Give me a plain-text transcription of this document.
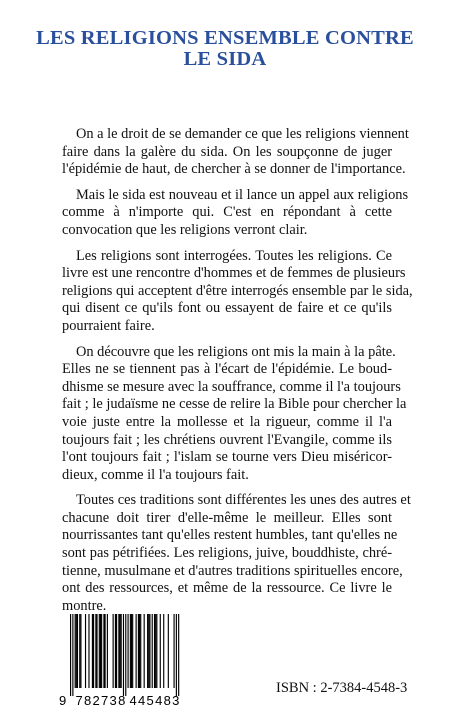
LES RELIGIONS ENSEMBLE CONTRE
LE SIDA
On a le droit de se demander ce que les religions viennent
faire dans la galère du sida. On les soupçonne de juger
l'épidémie de haut, de chercher à se donner de l'importance.
Mais le sida est nouveau et il lance un appel aux religions
comme à n'importe qui. C'est en répondant à cette
convocation que les religions verront clair.
Les religions sont interrogées. Toutes les religions. Ce
livre est une rencontre d'hommes et de femmes de plusieurs
religions qui acceptent d'être interrogés ensemble par le sida,
qui disent ce qu'ils font ou essayent de faire et ce qu'ils
pourraient faire.
On découvre que les religions ont mis la main à la pâte.
Elles ne se tiennent pas à l'écart de l'épidémie. Le boud-
dhisme se mesure avec la souffrance, comme il l'a toujours
fait ; le judaïsme ne cesse de relire la Bible pour chercher la
voie juste entre la mollesse et la rigueur, comme il l'a
toujours fait ; les chrétiens ouvrent l'Evangile, comme ils
l'ont toujours fait ; l'islam se tourne vers Dieu miséricor-
dieux, comme il l'a toujours fait.
Toutes ces traditions sont différentes les unes des autres et
chacune doit tirer d'elle-même le meilleur. Elles sont
nourrissantes tant qu'elles restent humbles, tant qu'elles ne
sont pas pétrifiées. Les religions, juive, bouddhiste, chré-
tienne, musulmane et d'autres traditions spirituelles encore,
ont des ressources, et même de la ressource. Ce livre le
montre.
9 782738 445483
ISBN : 2-7384-4548-3
